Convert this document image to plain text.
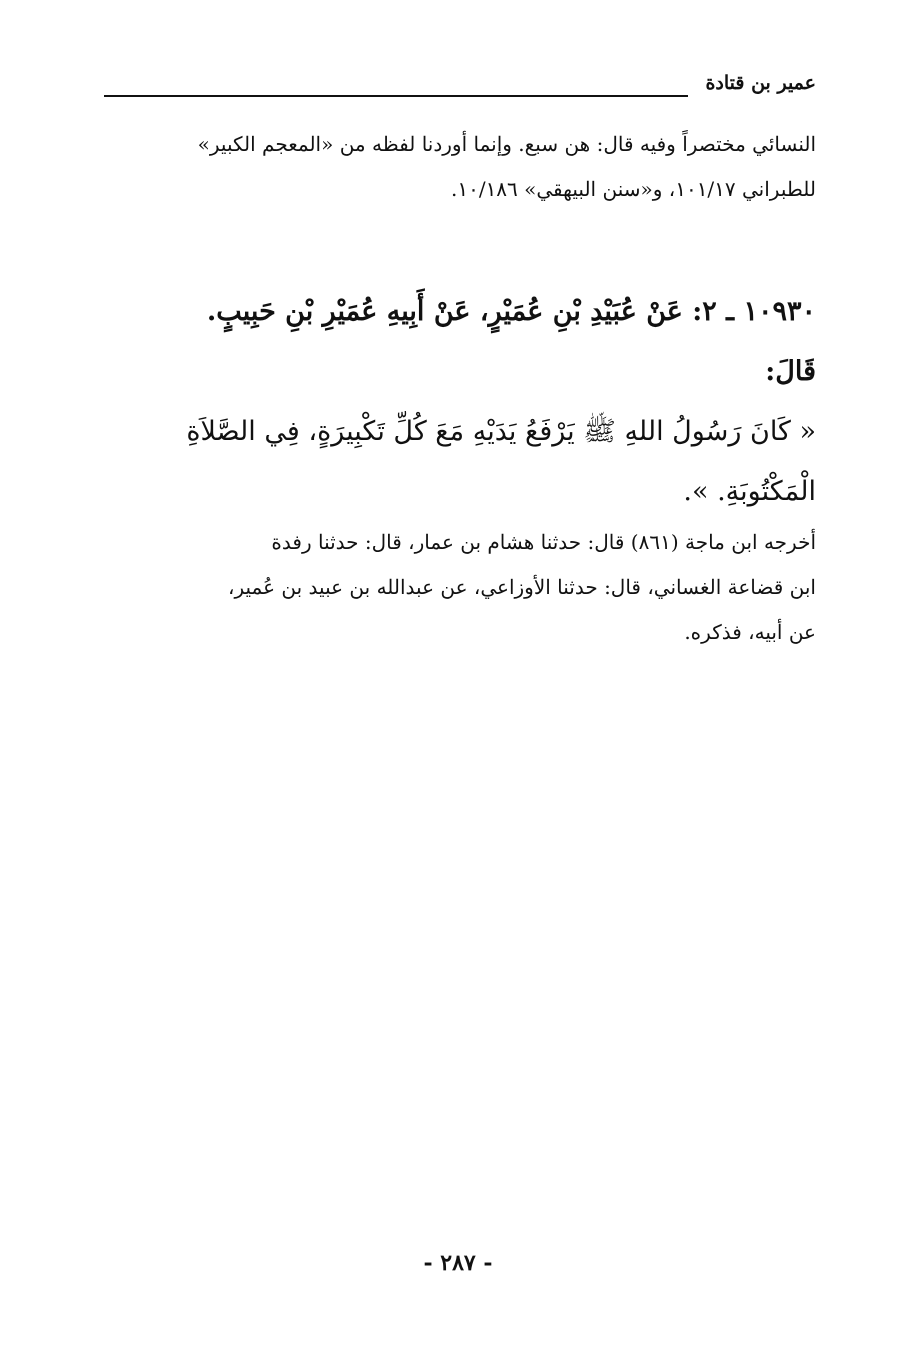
عمير بن قتادة
النسائي مختصراً وفيه قال: هن سبع. وإنما أوردنا لفظه من «المعجم الكبير»
للطبراني ١٠١/١٧، و«سنن البيهقي» ١٠/١٨٦.
١٠٩٣٠ ـ ٢: عَنْ عُبَيْدِ بْنِ عُمَيْرٍ، عَنْ أَبِيهِ عُمَيْرِ بْنِ حَبِيبٍ.
قَالَ:
« كَانَ رَسُولُ اللهِ ﷺ يَرْفَعُ يَدَيْهِ مَعَ كُلِّ تَكْبِيرَةٍ، فِي الصَّلاَةِ
الْمَكْتُوبَةِ. ».
أخرجه ابن ماجة (٨٦١) قال: حدثنا هشام بن عمار، قال: حدثنا رفدة
ابن قضاعة الغساني، قال: حدثنا الأوزاعي، عن عبدالله بن عبيد بن عُمير،
عن أبيه، فذكره.
- ٢٨٧ -
